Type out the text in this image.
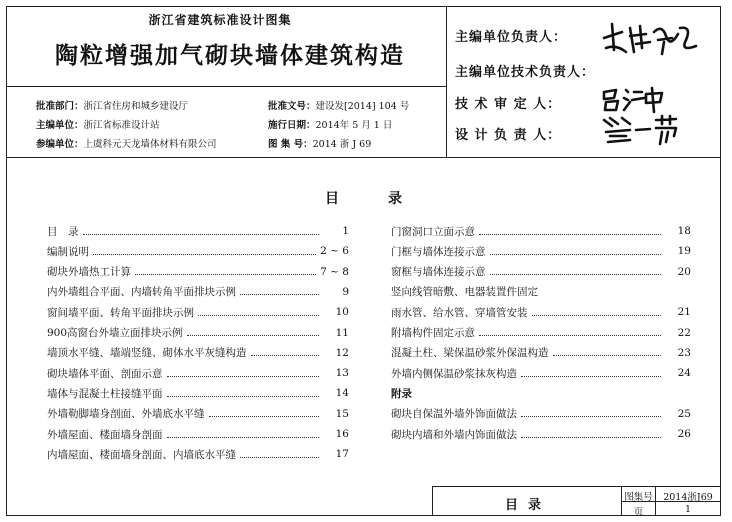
浙江省建筑标准设计图集
陶粒增强加气砌块墙体建筑构造
批准部门：浙江省住房和城乡建设厅	批准文号：建设发[2014] 104 号
主编单位：浙江省标准设计站	施行日期：2014年 5 月 1 日
参编单位：上虞科元天龙墙体材料有限公司	图 集 号：2014 浙 J 69
主编单位负责人：
主编单位技术负责人：
技 术 审 定 人：
设 计 负 责 人：
目	录
目　录	1
编制说明	2 ~ 6
砌块外墙热工计算	7 ~ 8
内外墙组合平面、内墙转角平面排块示例	9
窗间墙平面、转角平面排块示例	10
900高窗台外墙立面排块示例	11
墙顶水平缝、墙端竖缝、砌体水平灰缝构造	12
砌块墙体平面、剖面示意	13
墙体与混凝土柱接缝平面	14
外墙勒脚墙身剖面、外墙底水平缝	15
外墙屋面、楼面墙身剖面	16
内墙屋面、楼面墙身剖面、内墙底水平缝	17
门窗洞口立面示意	18
门框与墙体连接示意	19
窗框与墙体连接示意	20
竖向线管暗敷、电器装置件固定
雨水管、给水管、穿墙管安装	21
附墙构件固定示意	22
混凝土柱、梁保温砂浆外保温构造	23
外墙内侧保温砂浆抹灰构造	24
附录
砌块自保温外墙外饰面做法	25
砌块内墙和外墙内饰面做法	26
目录
图集号	2014浙J69
页	1
